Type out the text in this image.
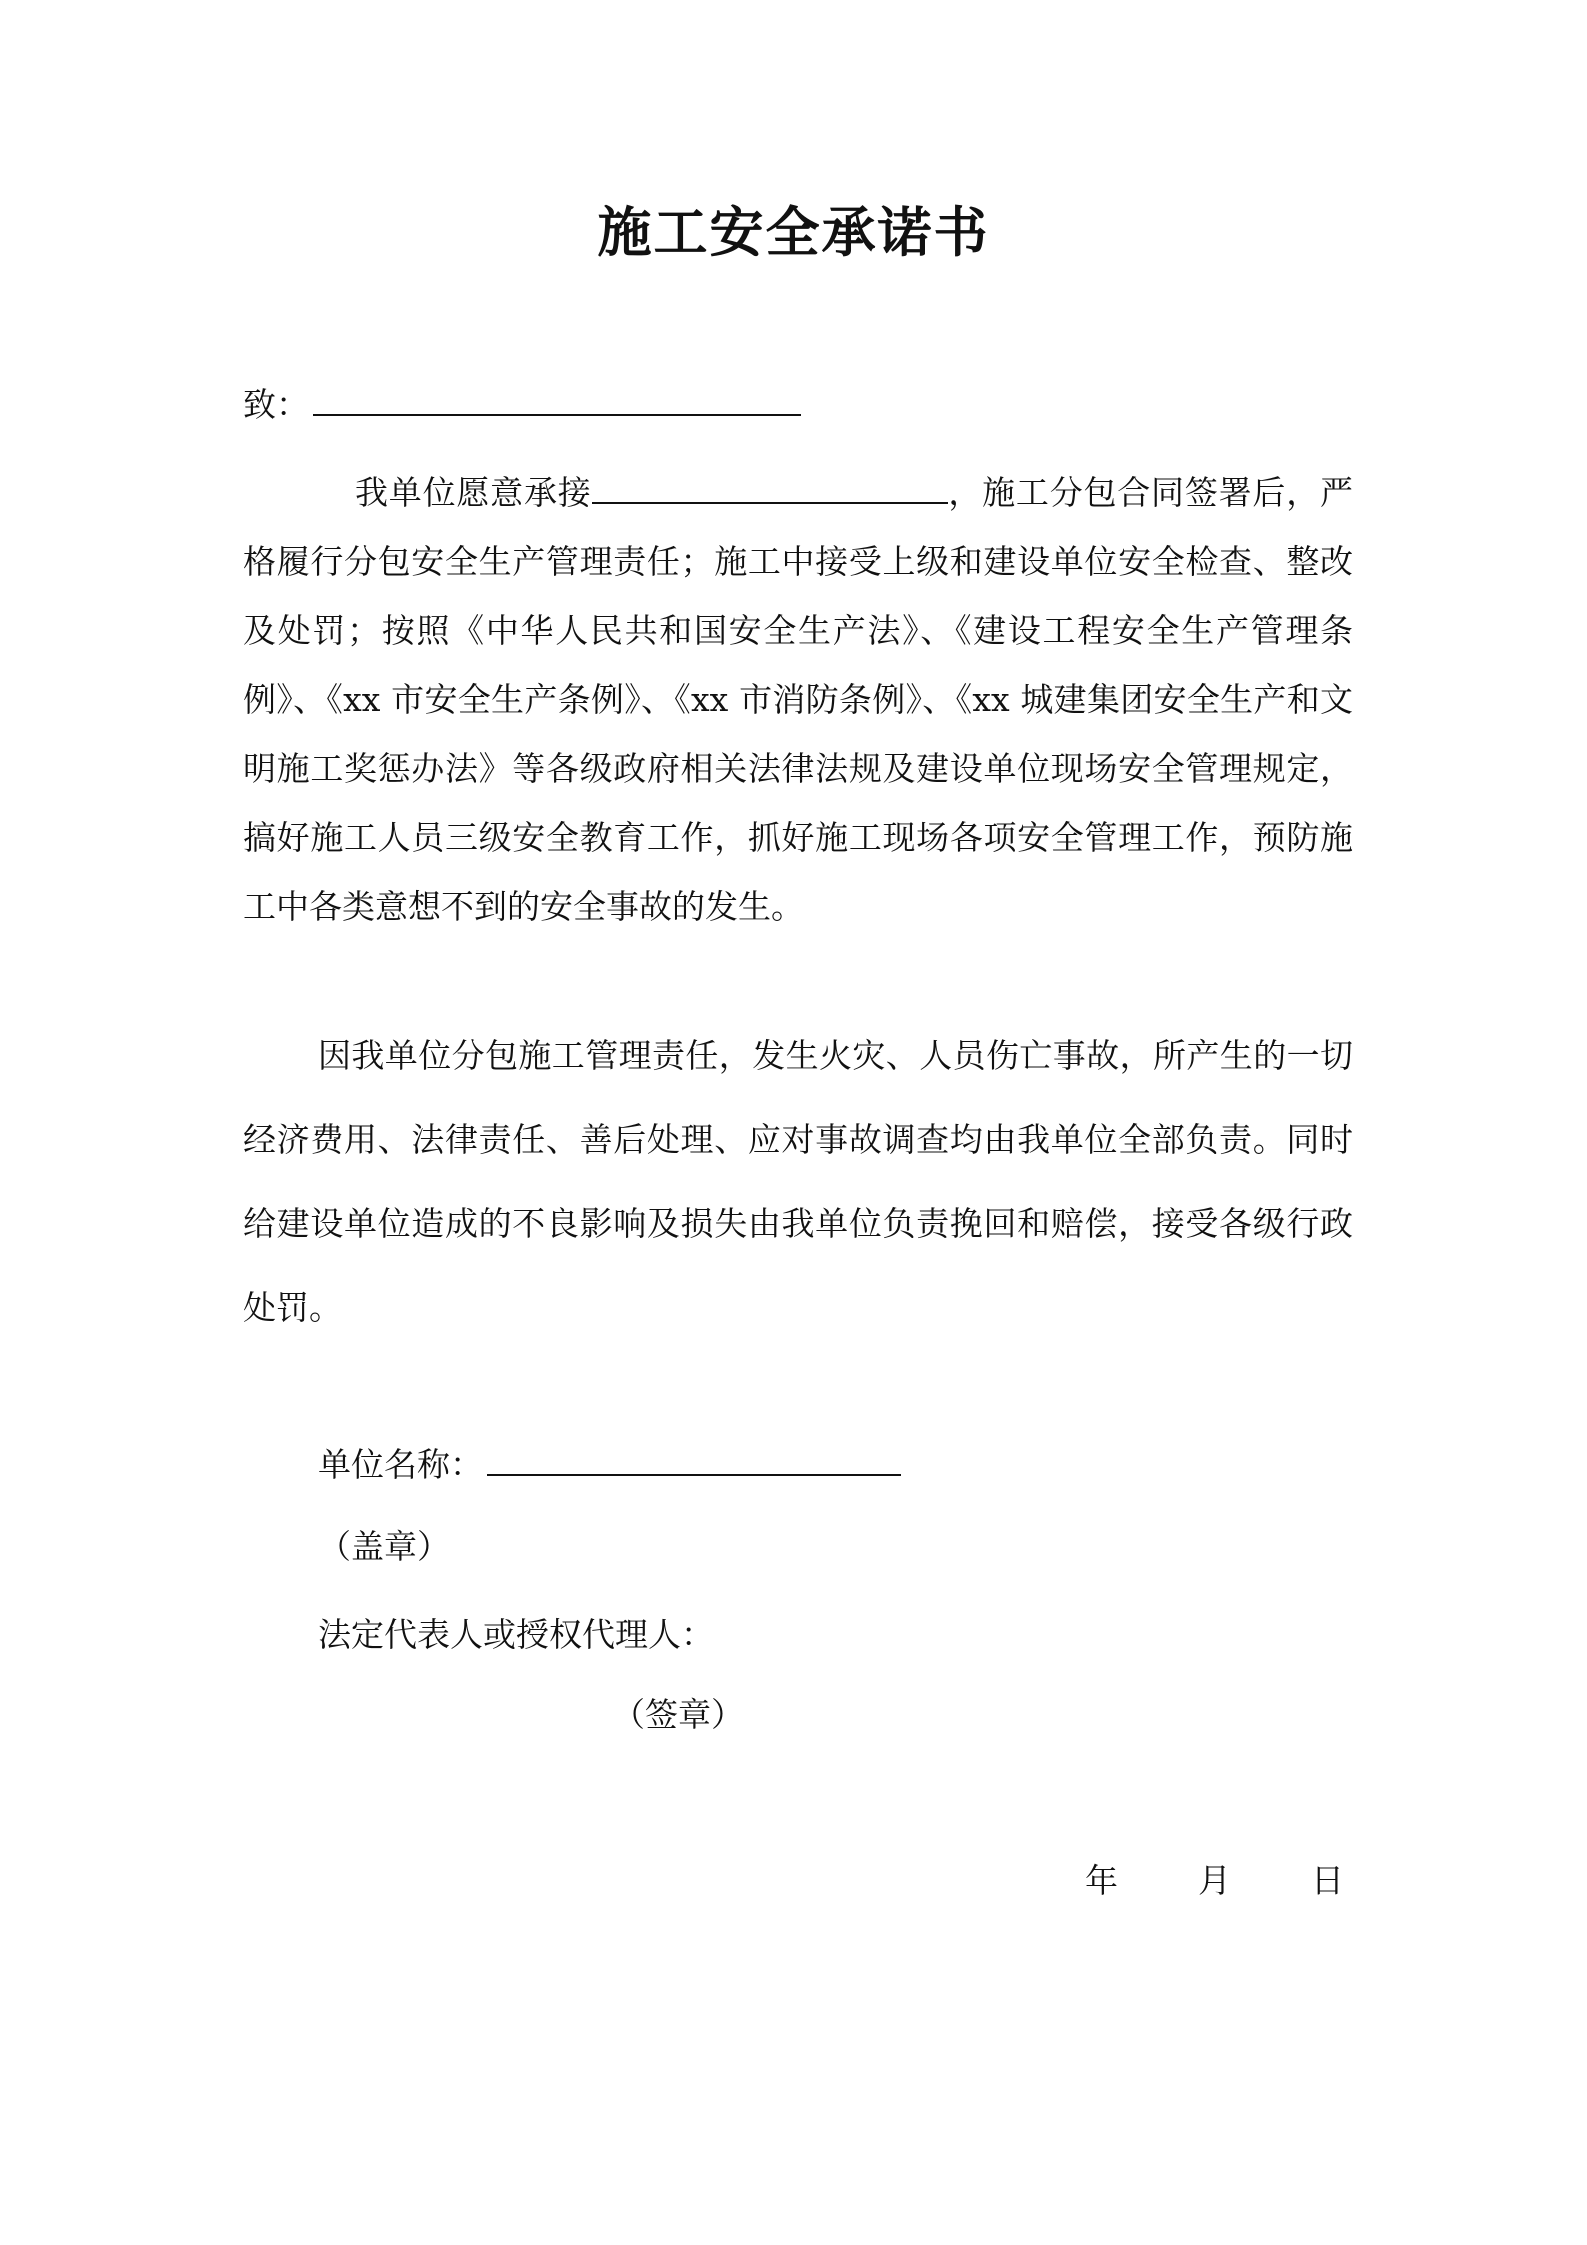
施工安全承诺书
致：

我单位愿意承接	，施工分包合同签署后，严格履行分包安全生产管理责任；施工中接受上级和建设单位安全检查、整改及处罚；按照《中华人民共和国安全生产法》、《建设工程安全生产管理条例》、《xx 市安全生产条例》、《xx 市消防条例》、《xx 城建集团安全生产和文明施工奖惩办法》等各级政府相关法律法规及建设单位现场安全管理规定，搞好施工人员三级安全教育工作，抓好施工现场各项安全管理工作，预防施工中各类意想不到的安全事故的发生。

因我单位分包施工管理责任，发生火灾、人员伤亡事故，所产生的一切经济费用、法律责任、善后处理、应对事故调查均由我单位全部负责。同时给建设单位造成的不良影响及损失由我单位负责挽回和赔偿，接受各级行政处罚。

单位名称：
（盖章）
法定代表人或授权代理人：
（签章）
年 月 日
